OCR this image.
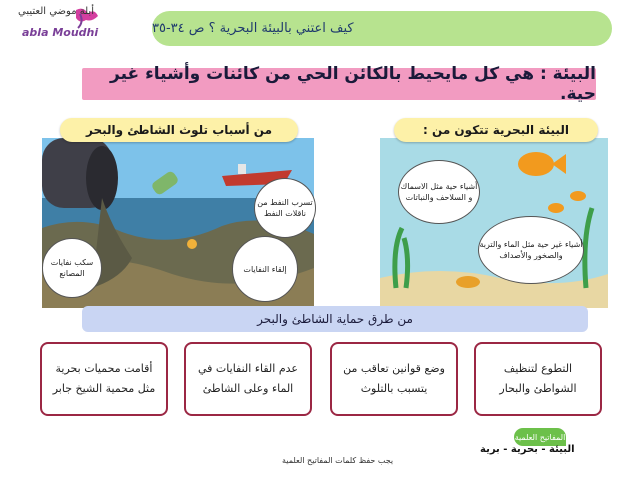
أبلة موضي العتيبي
abla Moudhi	كيف اعتني بالبيئة البحرية ؟ ص ٣٤-٣٥
البيئة : هي كل مايحيط بالكائن الحي من كائنات وأشياء غير حية.
من أسباب تلوث الشاطئ والبحر
تسرب النفط من ناقلات النفط
سكب نفايات المصانع	إلقاء النفايات
البيئة البحرية تتكون من :
أشياء حية مثل الاسماك و السلاحف والنباتات
أشياء غير حية مثل الماء والتربة والصخور والأصداف
من طرق حماية الشاطئ والبحر
التطوع لتنظيف الشواطئ والبحار
وضع قوانين تعاقب من يتسبب بالتلوث
عدم القاء النفايات في الماء وعلى الشاطئ
أقامت محميات بحرية مثل محمية الشيخ جابر
المفاتيح العلمية
البيئة - بحرية - برية
يجب حفظ كلمات المفاتيح العلمية
